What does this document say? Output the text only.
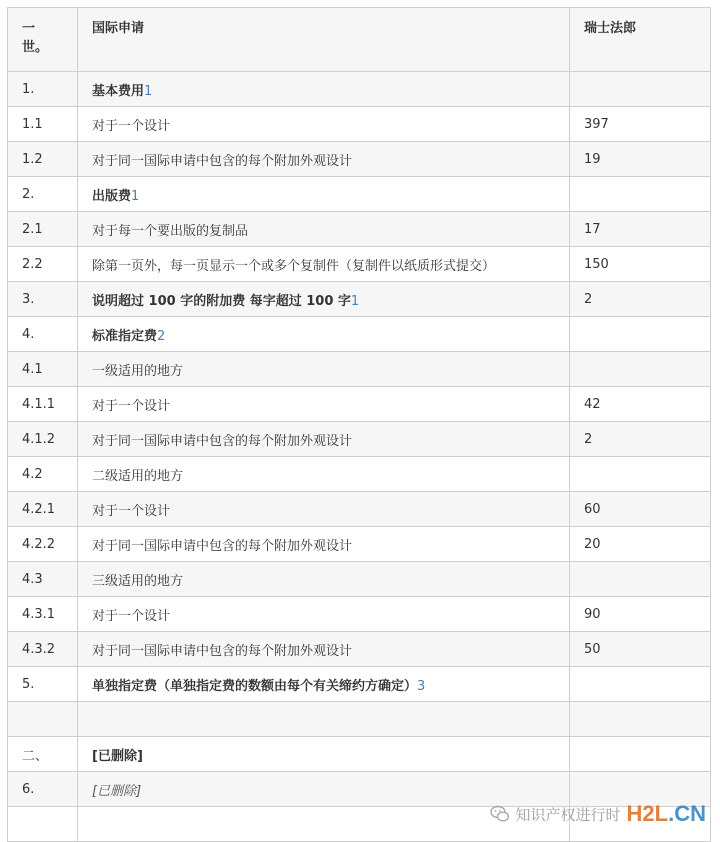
一
世。	国际申请	瑞士法郎
1.	基本费用1	
1.1	对于一个设计	397
1.2	对于同一国际申请中包含的每个附加外观设计	19
2.	出版费1	
2.1	对于每一个要出版的复制品	17
2.2	除第一页外，每一页显示一个或多个复制件（复制件以纸质形式提交）	150
3.	说明超过 100 字的附加费 每字超过 100 字1	2
4.	标准指定费2	
4.1	一级适用的地方	
4.1.1	对于一个设计	42
4.1.2	对于同一国际申请中包含的每个附加外观设计	2
4.2	二级适用的地方	
4.2.1	对于一个设计	60
4.2.2	对于同一国际申请中包含的每个附加外观设计	20
4.3	三级适用的地方	
4.3.1	对于一个设计	90
4.3.2	对于同一国际申请中包含的每个附加外观设计	50
5.	单独指定费（单独指定费的数额由每个有关缔约方确定）3	

二、	[已删除]	
6.	[已删除]	

知识产权进行时 H2L.CN
